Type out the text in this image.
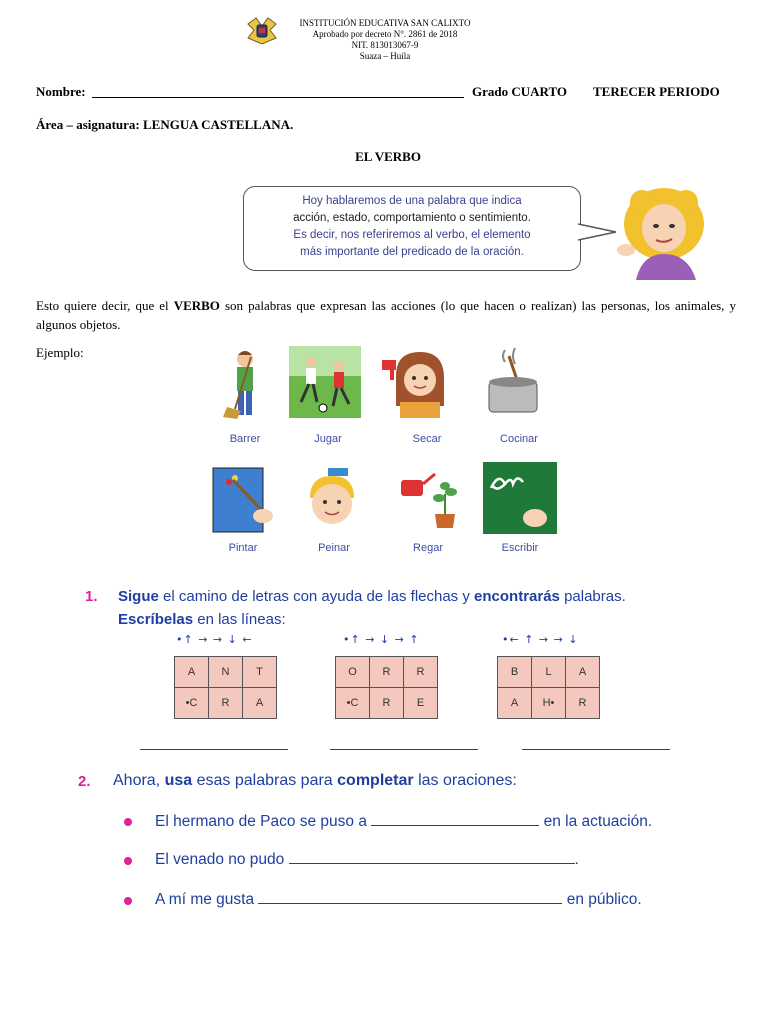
INSTITUCIÓN EDUCATIVA SAN CALIXTO
Aprobado por decreto N°. 2861 de 2018
NIT. 813013067-9
Suaza – Huila
Nombre:	Grado CUARTO TERECER PERIODO
Área – asignatura: LENGUA CASTELLANA.
EL VERBO
Hoy hablaremos de una palabra que indica
acción, estado, comportamiento o sentimiento.
Es decir, nos referiremos al verbo, el elemento
más importante del predicado de la oración.
Esto quiere decir, que el VERBO son palabras que expresan las acciones (lo que hacen o realizan) las personas, los animales, y algunos objetos.
Ejemplo:
Barrer	Jugar	Secar	Cocinar
Pintar	Peinar	Regar	Escribir
1. Sigue el camino de letras con ayuda de las flechas y encontrarás palabras.
Escríbelas en las líneas:
•↑ → → ↓ ←
A	N	T
•C	R	A
•↑ → ↓ → ↑
O	R	R
•C	R	E
•← ↑ → → ↓
B	L	A
A	H•	R
2. Ahora, usa esas palabras para completar las oraciones:
El hermano de Paco se puso a	en la actuación.
El venado no pudo	.
A mí me gusta	en público.
